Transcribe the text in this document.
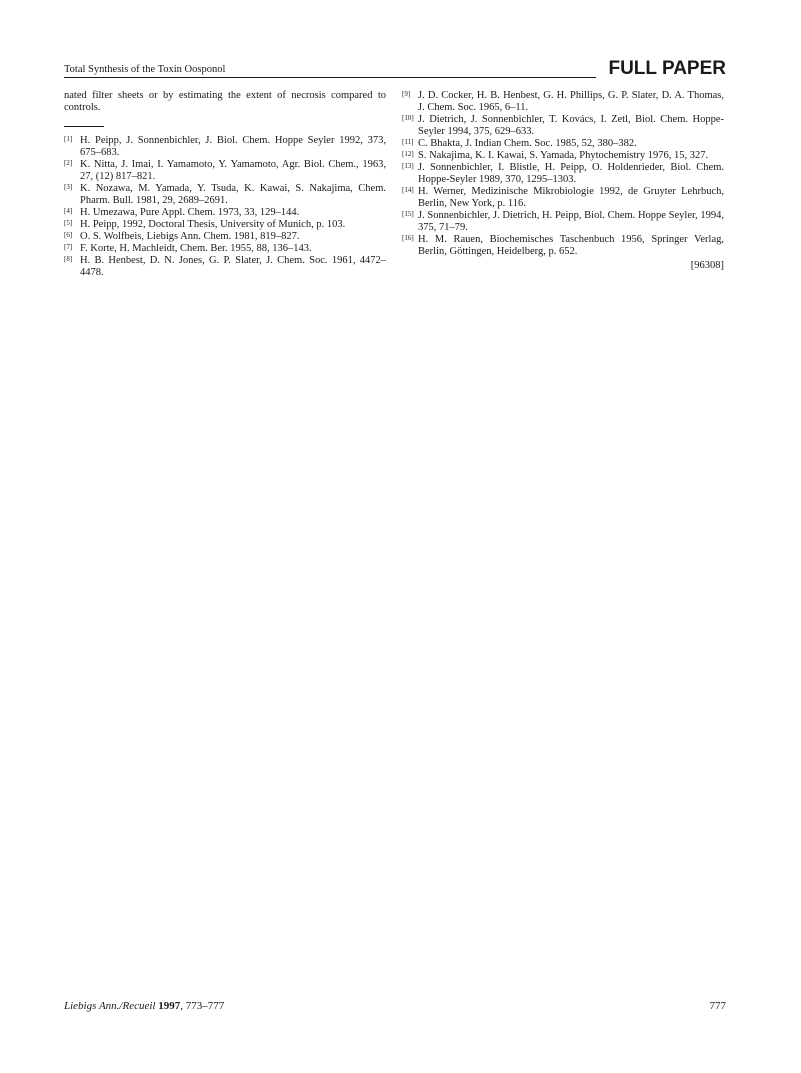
Total Synthesis of the Toxin Oosponol	FULL PAPER

nated filter sheets or by estimating the extent of necrosis compared to controls.

[1] H. Peipp, J. Sonnenbichler, J. Biol. Chem. Hoppe Seyler 1992, 373, 675–683.
[2] K. Nitta, J. Imai, I. Yamamoto, Y. Yamamoto, Agr. Biol. Chem., 1963, 27, (12) 817–821.
[3] K. Nozawa, M. Yamada, Y. Tsuda, K. Kawai, S. Nakajima, Chem. Pharm. Bull. 1981, 29, 2689–2691.
[4] H. Umezawa, Pure Appl. Chem. 1973, 33, 129–144.
[5] H. Peipp, 1992, Doctoral Thesis, University of Munich, p. 103.
[6] O. S. Wolfbeis, Liebigs Ann. Chem. 1981, 819–827.
[7] F. Korte, H. Machleidt, Chem. Ber. 1955, 88, 136–143.
[8] H. B. Henbest, D. N. Jones, G. P. Slater, J. Chem. Soc. 1961, 4472–4478.
[9] J. D. Cocker, H. B. Henbest, G. H. Phillips, G. P. Slater, D. A. Thomas, J. Chem. Soc. 1965, 6–11.
[10] J. Dietrich, J. Sonnenbichler, T. Kovács, I. Zetl, Biol. Chem. Hoppe-Seyler 1994, 375, 629–633.
[11] C. Bhakta, J. Indian Chem. Soc. 1985, 52, 380–382.
[12] S. Nakajima, K. I. Kawai, S. Yamada, Phytochemistry 1976, 15, 327.
[13] J. Sonnenbichler, I. Blistle, H. Peipp, O. Holdenrieder, Biol. Chem. Hoppe-Seyler 1989, 370, 1295–1303.
[14] H. Werner, Medizinische Mikrobiologie 1992, de Gruyter Lehrbuch, Berlin, New York, p. 116.
[15] J. Sonnenbichler, J. Dietrich, H. Peipp, Biol. Chem. Hoppe Seyler, 1994, 375, 71–79.
[16] H. M. Rauen, Biochemisches Taschenbuch 1956, Springer Verlag, Berlin, Göttingen, Heidelberg, p. 652.
[96308]
Liebigs Ann./Recueil 1997, 773–777	777
